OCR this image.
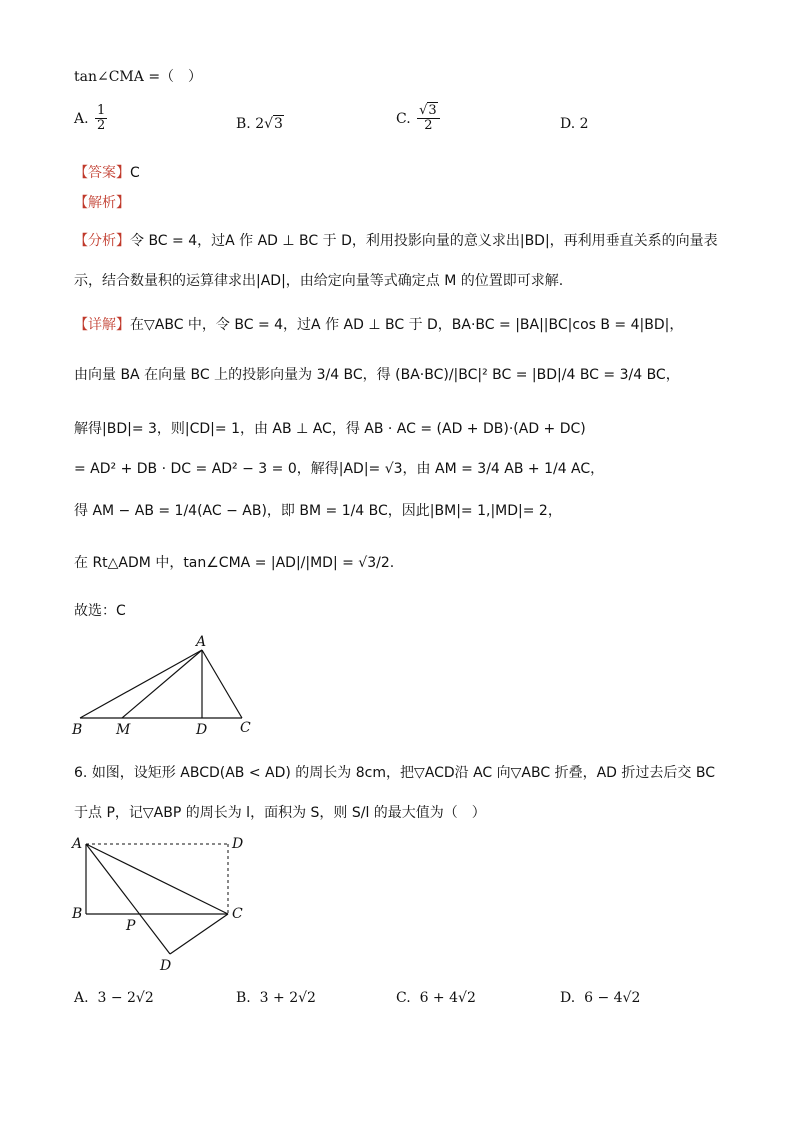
tan∠CMA =（　）
A. $\frac{1}{2}$	B. 2√3	C. $\frac{√3}{2}$	D. 2
【答案】C
【解析】
【分析】令 BC = 4，过A 作 AD ⊥ BC 于 D，利用投影向量的意义求出|BD|，再利用垂直关系的向量表
示，结合数量积的运算律求出|AD|，由给定向量等式确定点 M 的位置即可求解.
【详解】在▽ABC 中，令 BC = 4，过A 作 AD ⊥ BC 于 D，BA·BC = |BA||BC|cos B = 4|BD|，
由向量 BA 在向量 BC 上的投影向量为 3/4 BC，得 (BA·BC)/|BC|² BC = |BD|/4 BC = 3/4 BC，
解得|BD|= 3，则|CD|= 1，由 AB ⊥ AC，得 AB · AC = (AD + DB)·(AD + DC)
= AD² + DB · DC = AD² − 3 = 0，解得|AD|= √3，由 AM = 3/4 AB + 1/4 AC，
得 AM − AB = 1/4(AC − AB)，即 BM = 1/4 BC，因此|BM|= 1,|MD|= 2，
在 Rt△ADM 中，tan∠CMA = |AD|/|MD| = √3/2.
故选：C
A
B M	D C
6. 如图，设矩形 ABCD(AB < AD) 的周长为 8cm，把▽ACD沿 AC 向▽ABC 折叠，AD 折过去后交 BC
于点 P，记▽ABP 的周长为 l，面积为 S，则 S/l 的最大值为（　）
A	D
B
P
C
D
A. 3 − 2√2	B. 3 + 2√2	C. 6 + 4√2	D. 6 − 4√2
